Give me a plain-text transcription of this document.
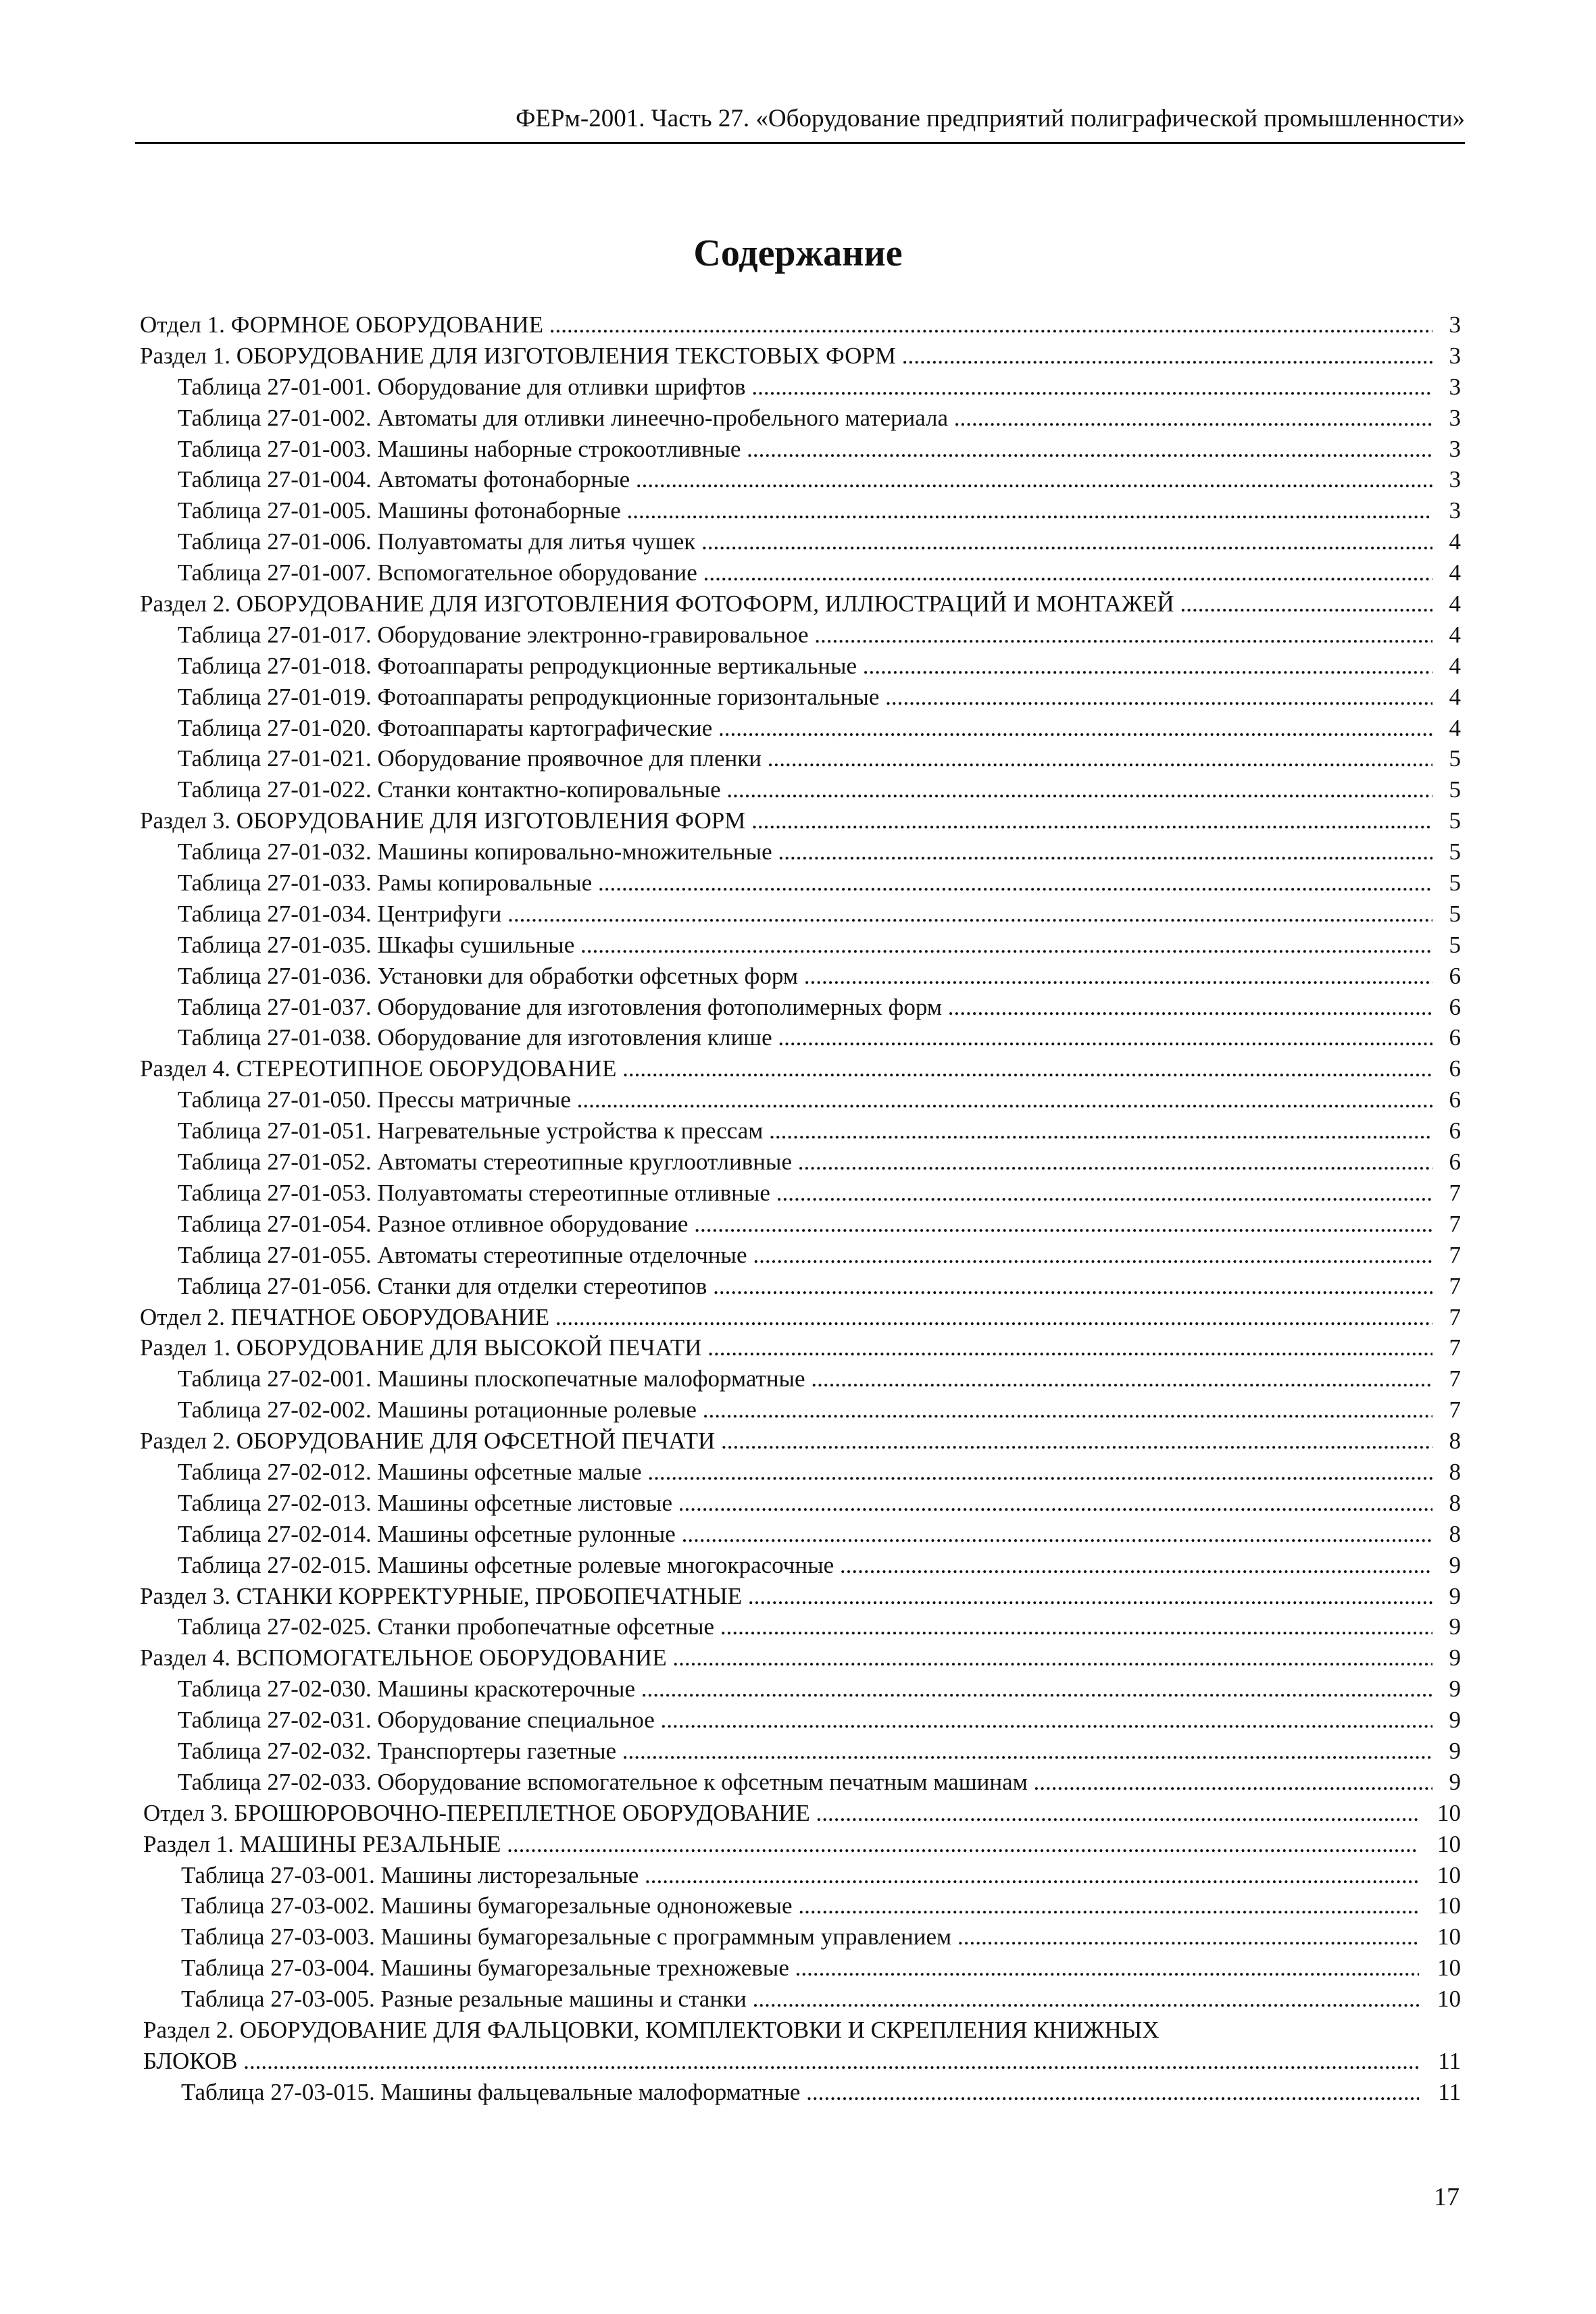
ФЕРм-2001. Часть 27. «Оборудование предприятий полиграфической промышленности»
Содержание
Отдел 1. ФОРМНОЕ ОБОРУДОВАНИЕ .....	3
Раздел 1. ОБОРУДОВАНИЕ ДЛЯ ИЗГОТОВЛЕНИЯ ТЕКСТОВЫХ ФОРМ .....	3
Таблица 27-01-001. Оборудование для отливки шрифтов .....	3
Таблица 27-01-002. Автоматы для отливки линеечно-пробельного материала .....	3
Таблица 27-01-003. Машины наборные строкоотливные .....	3
Таблица 27-01-004. Автоматы фотонаборные .....	3
Таблица 27-01-005. Машины фотонаборные .....	3
Таблица 27-01-006. Полуавтоматы для литья чушек .....	4
Таблица 27-01-007. Вспомогательное оборудование .....	4
Раздел 2. ОБОРУДОВАНИЕ ДЛЯ ИЗГОТОВЛЕНИЯ ФОТОФОРМ, ИЛЛЮСТРАЦИЙ И МОНТАЖЕЙ .....	4
Таблица 27-01-017. Оборудование электронно-гравировальное .....	4
Таблица 27-01-018. Фотоаппараты репродукционные вертикальные .....	4
Таблица 27-01-019. Фотоаппараты репродукционные горизонтальные .....	4
Таблица 27-01-020. Фотоаппараты картографические .....	4
Таблица 27-01-021. Оборудование проявочное для пленки .....	5
Таблица 27-01-022. Станки контактно-копировальные .....	5
Раздел 3. ОБОРУДОВАНИЕ ДЛЯ ИЗГОТОВЛЕНИЯ ФОРМ .....	5
Таблица 27-01-032. Машины копировально-множительные .....	5
Таблица 27-01-033. Рамы копировальные .....	5
Таблица 27-01-034. Центрифуги .....	5
Таблица 27-01-035. Шкафы сушильные .....	5
Таблица 27-01-036. Установки для обработки офсетных форм .....	6
Таблица 27-01-037. Оборудование для изготовления фотополимерных форм .....	6
Таблица 27-01-038. Оборудование для изготовления клише .....	6
Раздел 4. СТЕРЕОТИПНОЕ ОБОРУДОВАНИЕ .....	6
Таблица 27-01-050. Прессы матричные .....	6
Таблица 27-01-051. Нагревательные устройства к прессам .....	6
Таблица 27-01-052. Автоматы стереотипные круглоотливные .....	6
Таблица 27-01-053. Полуавтоматы стереотипные отливные .....	7
Таблица 27-01-054. Разное отливное оборудование .....	7
Таблица 27-01-055. Автоматы стереотипные отделочные .....	7
Таблица 27-01-056. Станки для отделки стереотипов .....	7
Отдел 2. ПЕЧАТНОЕ ОБОРУДОВАНИЕ .....	7
Раздел 1. ОБОРУДОВАНИЕ ДЛЯ ВЫСОКОЙ ПЕЧАТИ .....	7
Таблица 27-02-001. Машины плоскопечатные малоформатные .....	7
Таблица 27-02-002. Машины ротационные ролевые .....	7
Раздел 2. ОБОРУДОВАНИЕ ДЛЯ ОФСЕТНОЙ ПЕЧАТИ .....	8
Таблица 27-02-012. Машины офсетные малые .....	8
Таблица 27-02-013. Машины офсетные листовые .....	8
Таблица 27-02-014. Машины офсетные рулонные .....	8
Таблица 27-02-015. Машины офсетные ролевые многокрасочные .....	9
Раздел 3. СТАНКИ КОРРЕКТУРНЫЕ, ПРОБОПЕЧАТНЫЕ .....	9
Таблица 27-02-025. Станки пробопечатные офсетные .....	9
Раздел 4. ВСПОМОГАТЕЛЬНОЕ ОБОРУДОВАНИЕ .....	9
Таблица 27-02-030. Машины краскотерочные .....	9
Таблица 27-02-031. Оборудование специальное .....	9
Таблица 27-02-032. Транспортеры газетные .....	9
Таблица 27-02-033. Оборудование вспомогательное к офсетным печатным машинам .....	9
Отдел 3. БРОШЮРОВОЧНО-ПЕРЕПЛЕТНОЕ ОБОРУДОВАНИЕ .....	10
Раздел 1. МАШИНЫ РЕЗАЛЬНЫЕ .....	10
Таблица 27-03-001. Машины листорезальные .....	10
Таблица 27-03-002. Машины бумагорезальные одноножевые .....	10
Таблица 27-03-003. Машины бумагорезальные с программным управлением .....	10
Таблица 27-03-004. Машины бумагорезальные трехножевые .....	10
Таблица 27-03-005. Разные резальные машины и станки .....	10
Раздел 2. ОБОРУДОВАНИЕ ДЛЯ ФАЛЬЦОВКИ, КОМПЛЕКТОВКИ И СКРЕПЛЕНИЯ КНИЖНЫХ
БЛОКОВ .....	11
Таблица 27-03-015. Машины фальцевальные малоформатные .....	11
17
